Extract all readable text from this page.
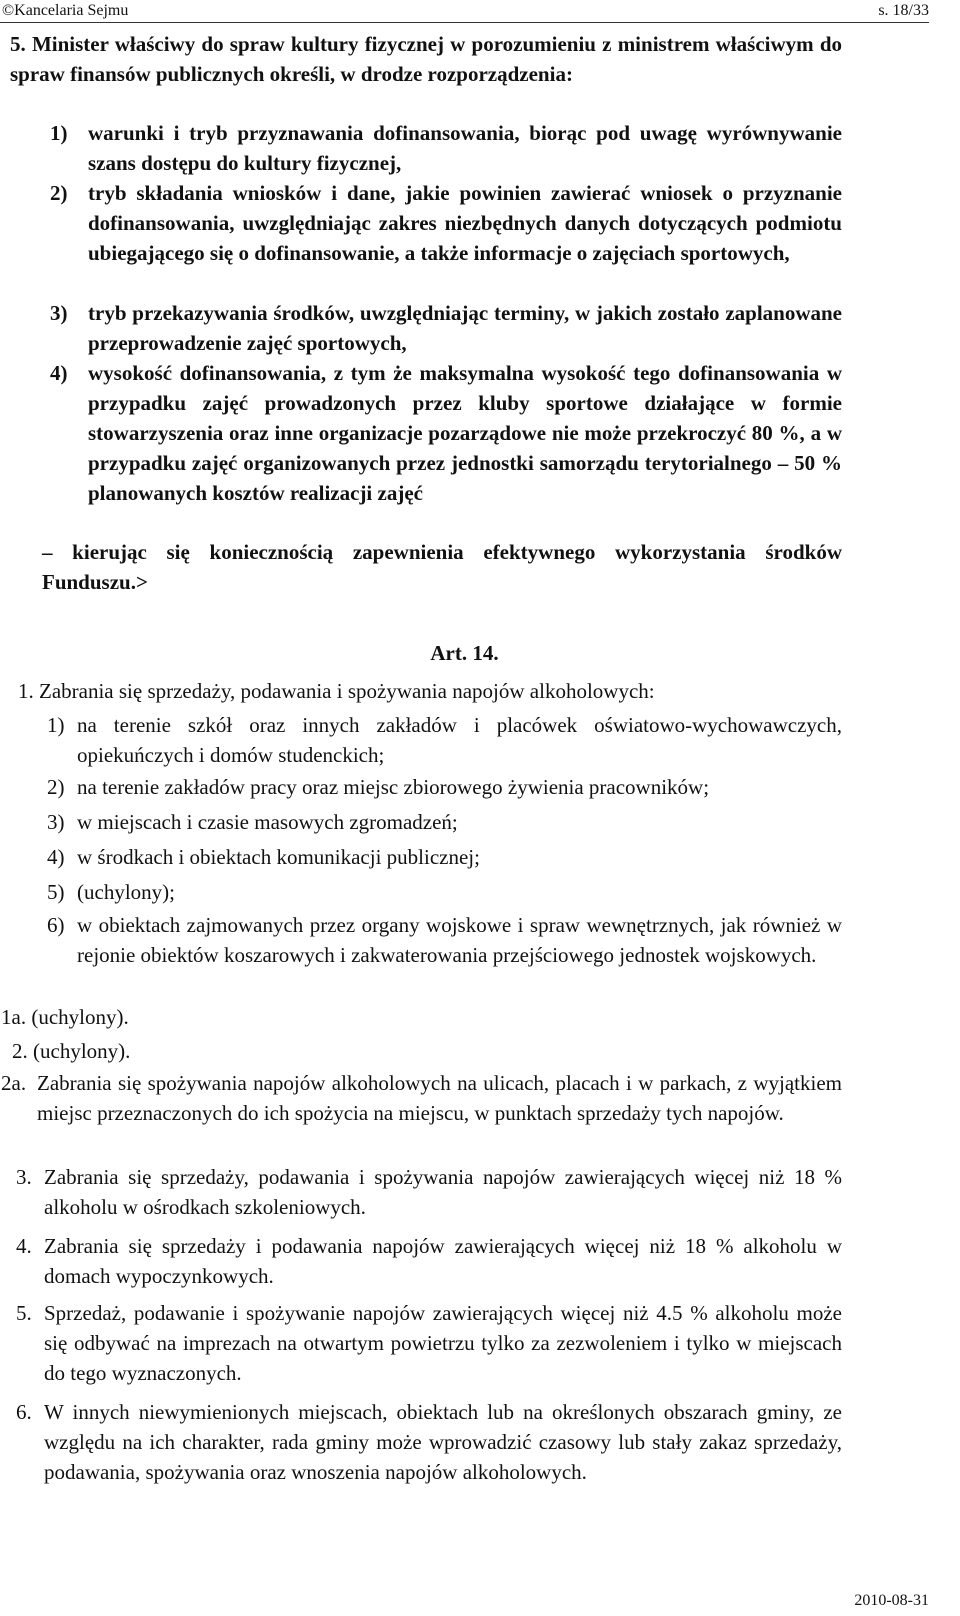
©Kancelaria Sejmu	s. 18/33

5. Minister właściwy do spraw kultury fizycznej w porozumieniu z ministrem właściwym do spraw finansów publicznych określi, w drodze rozporządzenia:

1) warunki i tryb przyznawania dofinansowania, biorąc pod uwagę wyrównywanie szans dostępu do kultury fizycznej,
2) tryb składania wniosków i dane, jakie powinien zawierać wniosek o przyznanie dofinansowania, uwzględniając zakres niezbędnych danych dotyczących podmiotu ubiegającego się o dofinansowanie, a także informacje o zajęciach sportowych,
3) tryb przekazywania środków, uwzględniając terminy, w jakich zostało zaplanowane przeprowadzenie zajęć sportowych,
4) wysokość dofinansowania, z tym że maksymalna wysokość tego dofinansowania w przypadku zajęć prowadzonych przez kluby sportowe działające w formie stowarzyszenia oraz inne organizacje pozarządowe nie może przekroczyć 80 %, a w przypadku zajęć organizowanych przez jednostki samorządu terytorialnego – 50 % planowanych kosztów realizacji zajęć

– kierując się koniecznością zapewnienia efektywnego wykorzystania środków Funduszu.>

Art. 14.
1. Zabrania się sprzedaży, podawania i spożywania napojów alkoholowych:
1) na terenie szkół oraz innych zakładów i placówek oświatowo-wychowawczych, opiekuńczych i domów studenckich;
2) na terenie zakładów pracy oraz miejsc zbiorowego żywienia pracowników;
3) w miejscach i czasie masowych zgromadzeń;
4) w środkach i obiektach komunikacji publicznej;
5) (uchylony);
6) w obiektach zajmowanych przez organy wojskowe i spraw wewnętrznych, jak również w rejonie obiektów koszarowych i zakwaterowania przejściowego jednostek wojskowych.
1a. (uchylony).
2. (uchylony).
2a. Zabrania się spożywania napojów alkoholowych na ulicach, placach i w parkach, z wyjątkiem miejsc przeznaczonych do ich spożycia na miejscu, w punktach sprzedaży tych napojów.
3. Zabrania się sprzedaży, podawania i spożywania napojów zawierających więcej niż 18 % alkoholu w ośrodkach szkoleniowych.
4. Zabrania się sprzedaży i podawania napojów zawierających więcej niż 18 % alkoholu w domach wypoczynkowych.
5. Sprzedaż, podawanie i spożywanie napojów zawierających więcej niż 4.5 % alkoholu może się odbywać na imprezach na otwartym powietrzu tylko za zezwoleniem i tylko w miejscach do tego wyznaczonych.
6. W innych niewymienionych miejscach, obiektach lub na określonych obszarach gminy, ze względu na ich charakter, rada gminy może wprowadzić czasowy lub stały zakaz sprzedaży, podawania, spożywania oraz wnoszenia napojów alkoholowych.
2010-08-31
